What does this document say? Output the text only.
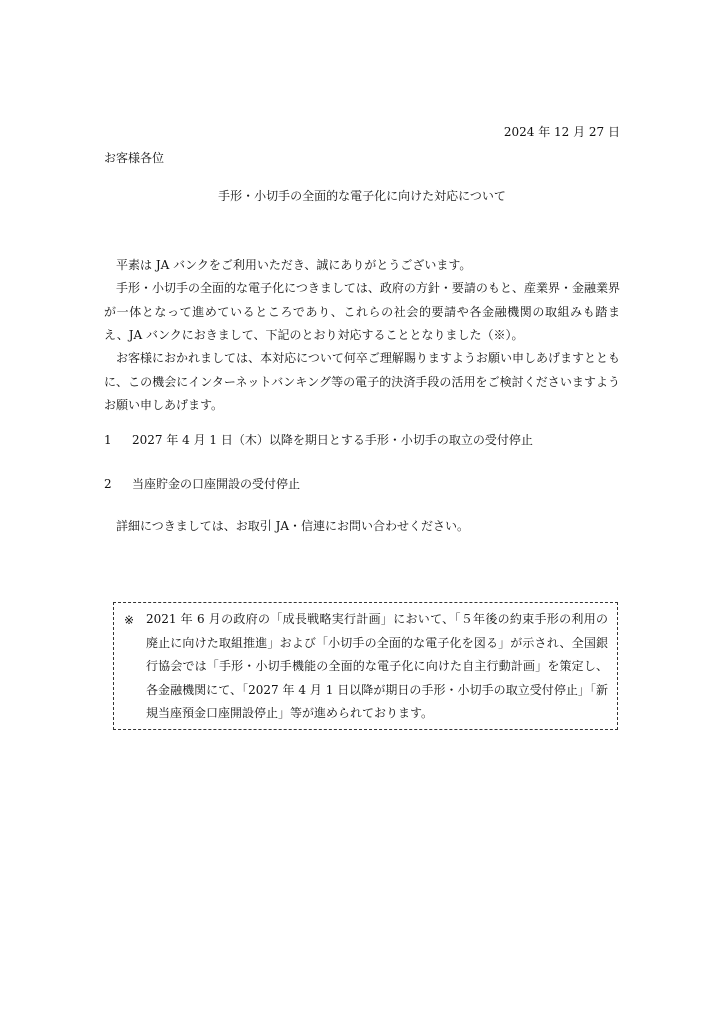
2024 年 12 月 27 日
お客様各位
手形・小切手の全面的な電子化に向けた対応について

平素は JA バンクをご利用いただき、誠にありがとうございます。

手形・小切手の全面的な電子化につきましては、政府の方針・要請のもと、産業界・金融業界が一体となって進めているところであり、これらの社会的要請や各金融機関の取組みも踏まえ、JA バンクにおきまして、下記のとおり対応することとなりました（※）。

お客様におかれましては、本対応について何卒ご理解賜りますようお願い申しあげますとともに、この機会にインターネットバンキング等の電子的決済手段の活用をご検討くださいますようお願い申しあげます。

1 2027 年 4 月 1 日（木）以降を期日とする手形・小切手の取立の受付停止
2 当座貯金の口座開設の受付停止
詳細につきましては、お取引 JA・信連にお問い合わせください。
※ 2021 年 6 月の政府の「成長戦略実行計画」において、「５年後の約束手形の利用の廃止に向けた取組推進」および「小切手の全面的な電子化を図る」が示され、全国銀行協会では「手形・小切手機能の全面的な電子化に向けた自主行動計画」を策定し、各金融機関にて、「2027 年 4 月 1 日以降が期日の手形・小切手の取立受付停止」「新規当座預金口座開設停止」等が進められております。
